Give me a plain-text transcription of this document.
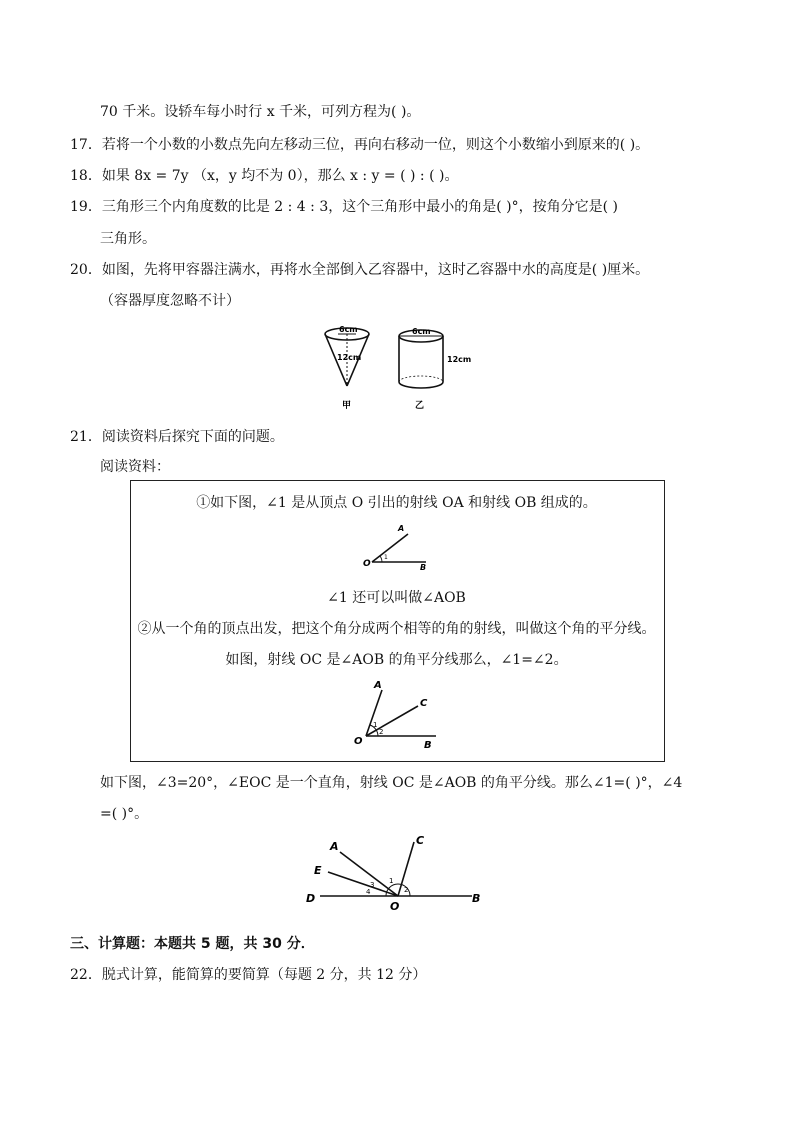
70 千米。设轿车每小时行 x 千米，可列方程为( )。
17．若将一个小数的小数点先向左移动三位，再向右移动一位，则这个小数缩小到原来的( )。
18．如果 8x = 7y （x，y 均不为 0），那么 x : y = ( ) : ( )。
19．三角形三个内角度数的比是 2 : 4 : 3，这个三角形中最小的角是( )°，按角分它是( )
三角形。
20．如图，先将甲容器注满水，再将水全部倒入乙容器中，这时乙容器中水的高度是( )厘米。
（容器厚度忽略不计）
6cm
12cm
甲
6cm
12cm
乙
21．阅读资料后探究下面的问题。
阅读资料：
①如下图，∠1 是从顶点 O 引出的射线 OA 和射线 OB 组成的。
A
O	B
1
∠1 还可以叫做∠AOB
②从一个角的顶点出发，把这个角分成两个相等的角的射线，叫做这个角的平分线。
如图，射线 OC 是∠AOB 的角平分线那么，∠1=∠2。
A
C
O	B
1
2
如下图，∠3=20°，∠EOC 是一个直角，射线 OC 是∠AOB 的角平分线。那么∠1=( )°，∠4
=( )°。
A	C
E
D
O
B
1
2
3
4
三、计算题：本题共 5 题，共 30 分．
22．脱式计算，能简算的要简算（每题 2 分，共 12 分）
